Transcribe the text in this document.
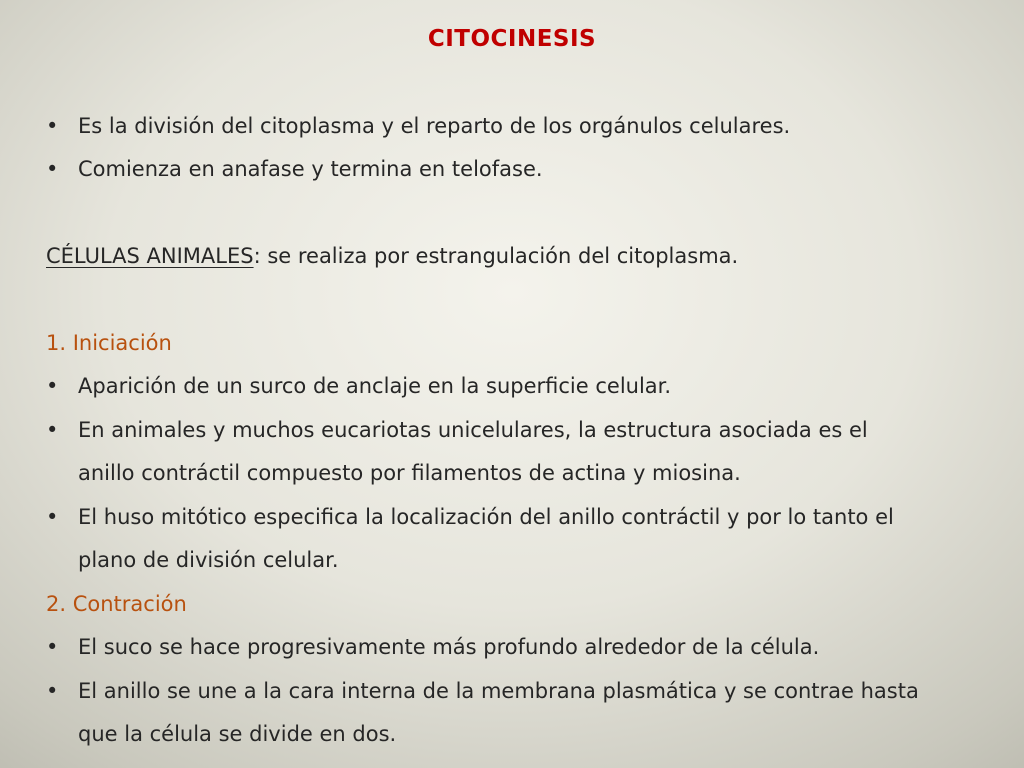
CITOCINESIS
• Es la división del citoplasma y el reparto de los orgánulos celulares.
• Comienza en anafase y termina en telofase.
CÉLULAS ANIMALES: se realiza por estrangulación del citoplasma.
1. Iniciación
• Aparición de un surco de anclaje en la superficie celular.
• En animales y muchos eucariotas unicelulares, la estructura asociada es el
anillo contráctil compuesto por filamentos de actina y miosina.
• El huso mitótico especifica la localización del anillo contráctil y por lo tanto el
plano de división celular.
2. Contración
• El suco se hace progresivamente más profundo alrededor de la célula.
• El anillo se une a la cara interna de la membrana plasmática y se contrae hasta
que la célula se divide en dos.
